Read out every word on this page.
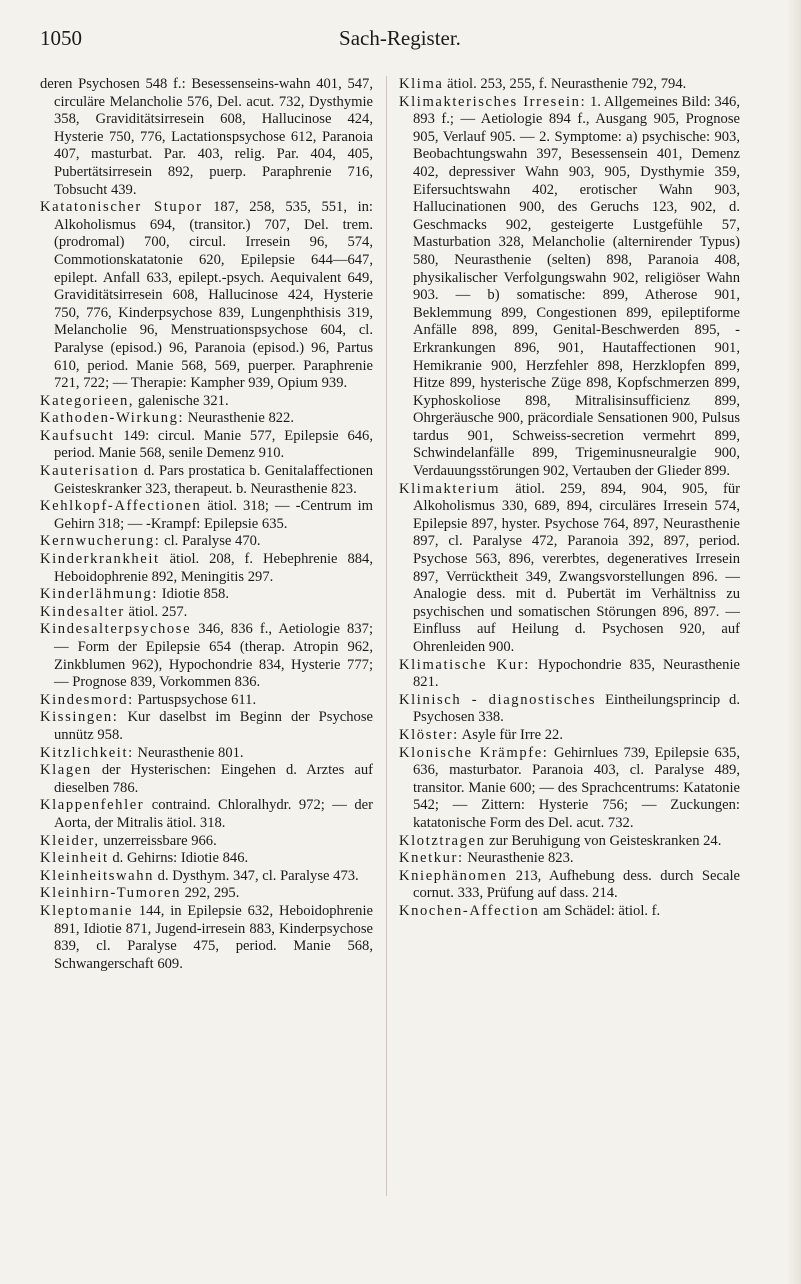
1050	Sach-Register.

deren Psychosen 548 f.: Besessenseins-wahn 401, 547, circuläre Melancholie 576, Del. acut. 732, Dysthymie 358, Graviditätsirresein 608, Hallucinose 424, Hysterie 750, 776, Lactationspsychose 612, Paranoia 407, masturbat. Par. 403, relig. Par. 404, 405, Pubertätsirresein 892, puerp. Paraphrenie 716, Tobsucht 439.

Katatonischer Stupor 187, 258, 535, 551, in: Alkoholismus 694, (transitor.) 707, Del. trem. (prodromal) 700, circul. Irresein 96, 574, Commotionskatatonie 620, Epilepsie 644—647, epilept. Anfall 633, epilept.-psych. Aequivalent 649, Graviditätsirresein 608, Hallucinose 424, Hysterie 750, 776, Kinderpsychose 839, Lungenphthisis 319, Melancholie 96, Menstruationspsychose 604, cl. Paralyse (episod.) 96, Paranoia (episod.) 96, Partus 610, period. Manie 568, 569, puerper. Paraphrenie 721, 722; — Therapie: Kampher 939, Opium 939.

Kategorieen, galenische 321.

Kathoden-Wirkung: Neurasthenie 822.

Kaufsucht 149: circul. Manie 577, Epilepsie 646, period. Manie 568, senile Demenz 910.

Kauterisation d. Pars prostatica b. Genitalaffectionen Geisteskranker 323, therapeut. b. Neurasthenie 823.

Kehlkopf-Affectionen ätiol. 318; — -Centrum im Gehirn 318; — -Krampf: Epilepsie 635.

Kernwucherung: cl. Paralyse 470.

Kinderkrankheit ätiol. 208, f. Hebephrenie 884, Heboidophrenie 892, Meningitis 297.

Kinderlähmung: Idiotie 858.

Kindesalter ätiol. 257.

Kindesalterpsychose 346, 836 f., Aetiologie 837; — Form der Epilepsie 654 (therap. Atropin 962, Zinkblumen 962), Hypochondrie 834, Hysterie 777; — Prognose 839, Vorkommen 836.

Kindesmord: Partuspsychose 611.

Kissingen: Kur daselbst im Beginn der Psychose unnütz 958.

Kitzlichkeit: Neurasthenie 801.

Klagen der Hysterischen: Eingehen d. Arztes auf dieselben 786.

Klappenfehler contraind. Chloralhydr. 972; — der Aorta, der Mitralis ätiol. 318.

Kleider, unzerreissbare 966.

Kleinheit d. Gehirns: Idiotie 846.

Kleinheitswahn d. Dysthym. 347, cl. Paralyse 473.

Kleinhirn-Tumoren 292, 295.

Kleptomanie 144, in Epilepsie 632, Heboidophrenie 891, Idiotie 871, Jugend-irresein 883, Kinderpsychose 839, cl. Paralyse 475, period. Manie 568, Schwangerschaft 609.

Klima ätiol. 253, 255, f. Neurasthenie 792, 794.

Klimakterisches Irresein: 1. Allgemeines Bild: 346, 893 f.; — Aetiologie 894 f., Ausgang 905, Prognose 905, Verlauf 905. — 2. Symptome: a) psychische: 903, Beobachtungswahn 397, Besessensein 401, Demenz 402, depressiver Wahn 903, 905, Dysthymie 359, Eifersuchtswahn 402, erotischer Wahn 903, Hallucinationen 900, des Geruchs 123, 902, d. Geschmacks 902, gesteigerte Lustgefühle 57, Masturbation 328, Melancholie (alternirender Typus) 580, Neurasthenie (selten) 898, Paranoia 408, physikalischer Verfolgungswahn 902, religiöser Wahn 903. — b) somatische: 899, Atherose 901, Beklemmung 899, Congestionen 899, epileptiforme Anfälle 898, 899, Genital-Beschwerden 895, -Erkrankungen 896, 901, Hautaffectionen 901, Hemikranie 900, Herzfehler 898, Herzklopfen 899, Hitze 899, hysterische Züge 898, Kopfschmerzen 899, Kyphoskoliose 898, Mitralisinsufficienz 899, Ohrgeräusche 900, präcordiale Sensationen 900, Pulsus tardus 901, Schweiss-secretion vermehrt 899, Schwindelanfälle 899, Trigeminusneuralgie 900, Verdauungsstörungen 902, Vertauben der Glieder 899.

Klimakterium ätiol. 259, 894, 904, 905, für Alkoholismus 330, 689, 894, circuläres Irresein 574, Epilepsie 897, hyster. Psychose 764, 897, Neurasthenie 897, cl. Paralyse 472, Paranoia 392, 897, period. Psychose 563, 896, vererbtes, degeneratives Irresein 897, Verrücktheit 349, Zwangsvorstellungen 896. — Analogie dess. mit d. Pubertät im Verhältniss zu psychischen und somatischen Störungen 896, 897. — Einfluss auf Heilung d. Psychosen 920, auf Ohrenleiden 900.

Klimatische Kur: Hypochondrie 835, Neurasthenie 821.

Klinisch - diagnostisches Eintheilungsprincip d. Psychosen 338.

Klöster: Asyle für Irre 22.

Klonische Krämpfe: Gehirnlues 739, Epilepsie 635, 636, masturbator. Paranoia 403, cl. Paralyse 489, transitor. Manie 600; — des Sprachcentrums: Katatonie 542; — Zittern: Hysterie 756; — Zuckungen: katatonische Form des Del. acut. 732.

Klotztragen zur Beruhigung von Geisteskranken 24.

Knetkur: Neurasthenie 823.

Kniephänomen 213, Aufhebung dess. durch Secale cornut. 333, Prüfung auf dass. 214.

Knochen-Affection am Schädel: ätiol. f.
